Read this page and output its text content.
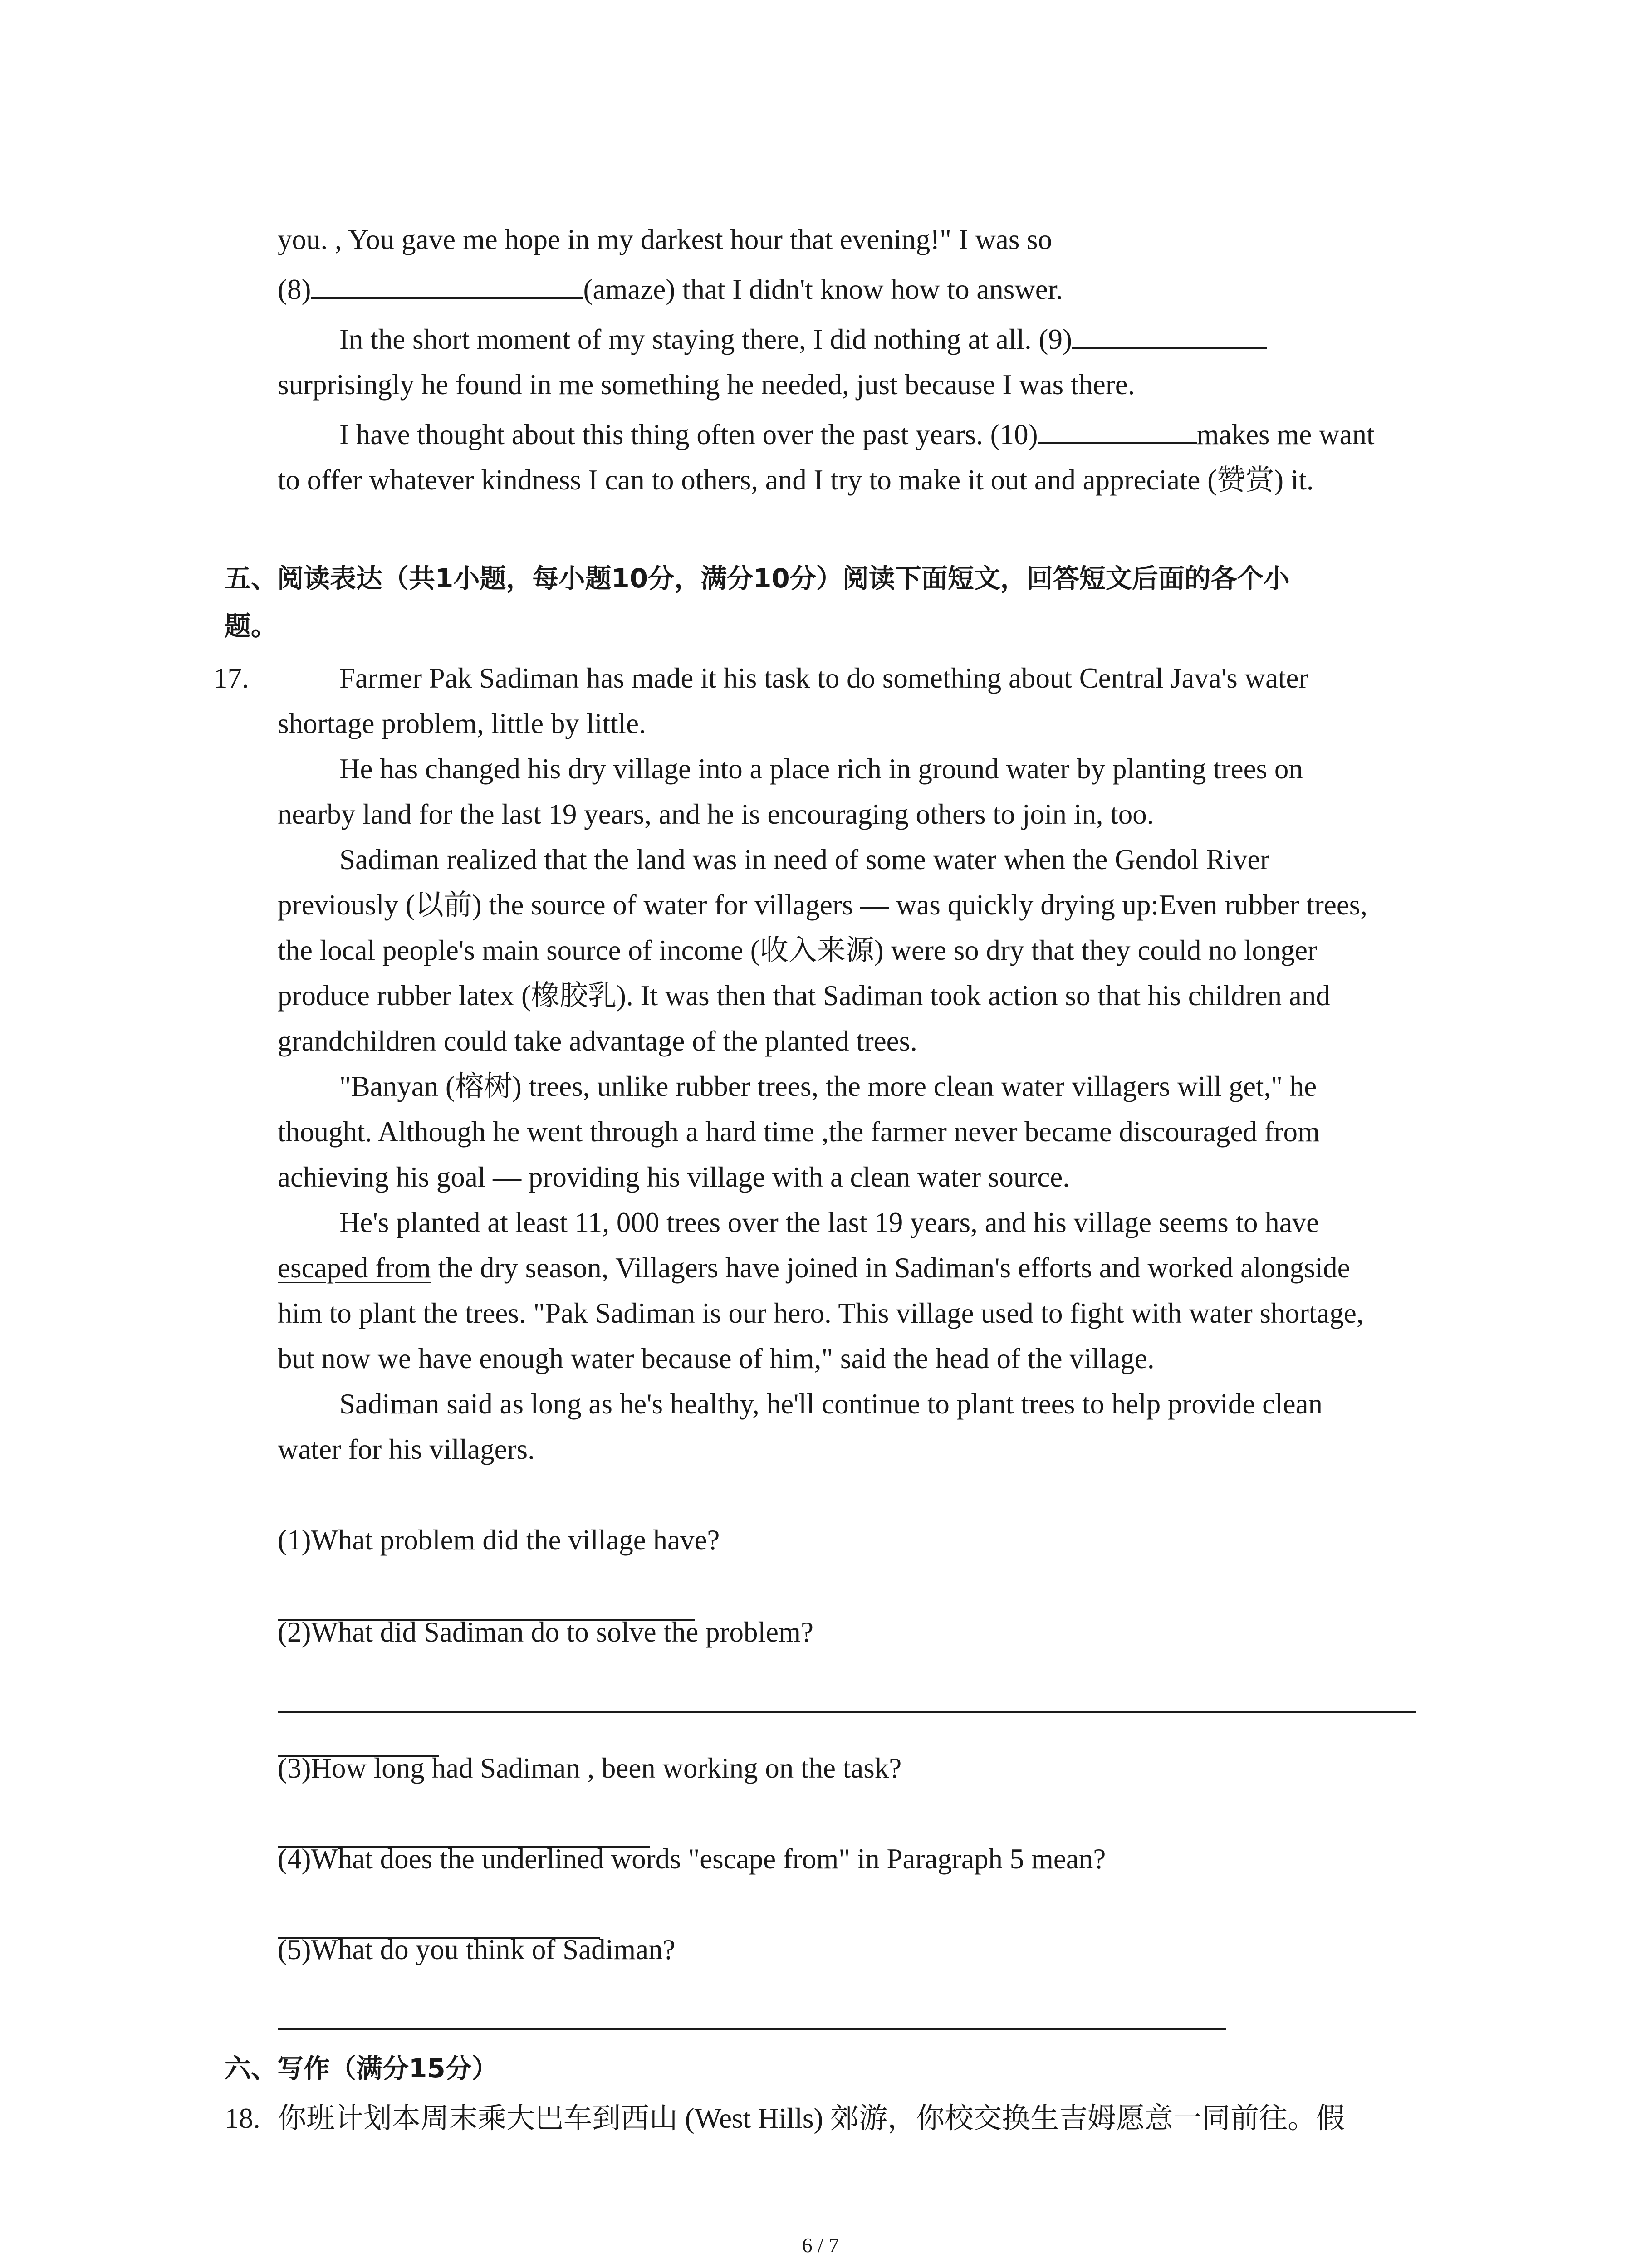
you. , You gave me hope in my darkest hour that evening!" I was so
(8)	(amaze) that I didn't know how to answer.
In the short moment of my staying there, I did nothing at all. (9)
surprisingly he found in me something he needed, just because I was there.
I have thought about this thing often over the past years. (10)	makes me want
to offer whatever kindness I can to others, and I try to make it out and appreciate (赞赏) it.
五、阅读表达（共1小题，每小题10分，满分10分）阅读下面短文，回答短文后面的各个小
题。
17.	Farmer Pak Sadiman has made it his task to do something about Central Java's water
shortage problem, little by little.
He has changed his dry village into a place rich in ground water by planting trees on
nearby land for the last 19 years, and he is encouraging others to join in, too.
Sadiman realized that the land was in need of some water when the Gendol River
previously (以前) the source of water for villagers — was quickly drying up:Even rubber trees,
the local people's main source of income (收入来源) were so dry that they could no longer
produce rubber latex (橡胶乳). It was then that Sadiman took action so that his children and
grandchildren could take advantage of the planted trees.
"Banyan (榕树) trees, unlike rubber trees, the more clean water villagers will get," he
thought. Although he went through a hard time ,the farmer never became discouraged from
achieving his goal — providing his village with a clean water source.
He's planted at least 11, 000 trees over the last 19 years, and his village seems to have
escaped from the dry season, Villagers have joined in Sadiman's efforts and worked alongside
him to plant the trees. "Pak Sadiman is our hero. This village used to fight with water shortage,
but now we have enough water because of him," said the head of the village.
Sadiman said as long as he's healthy, he'll continue to plant trees to help provide clean
water for his villagers.
(1)What problem did the village have?
(2)What did Sadiman do to solve the problem?
(3)How long had Sadiman , been working on the task?
(4)What does the underlined words "escape from" in Paragraph 5 mean?
(5)What do you think of Sadiman?
六、写作（满分15分）
18. 你班计划本周末乘大巴车到西山 (West Hills) 郊游，你校交换生吉姆愿意一同前往。假
6 / 7
